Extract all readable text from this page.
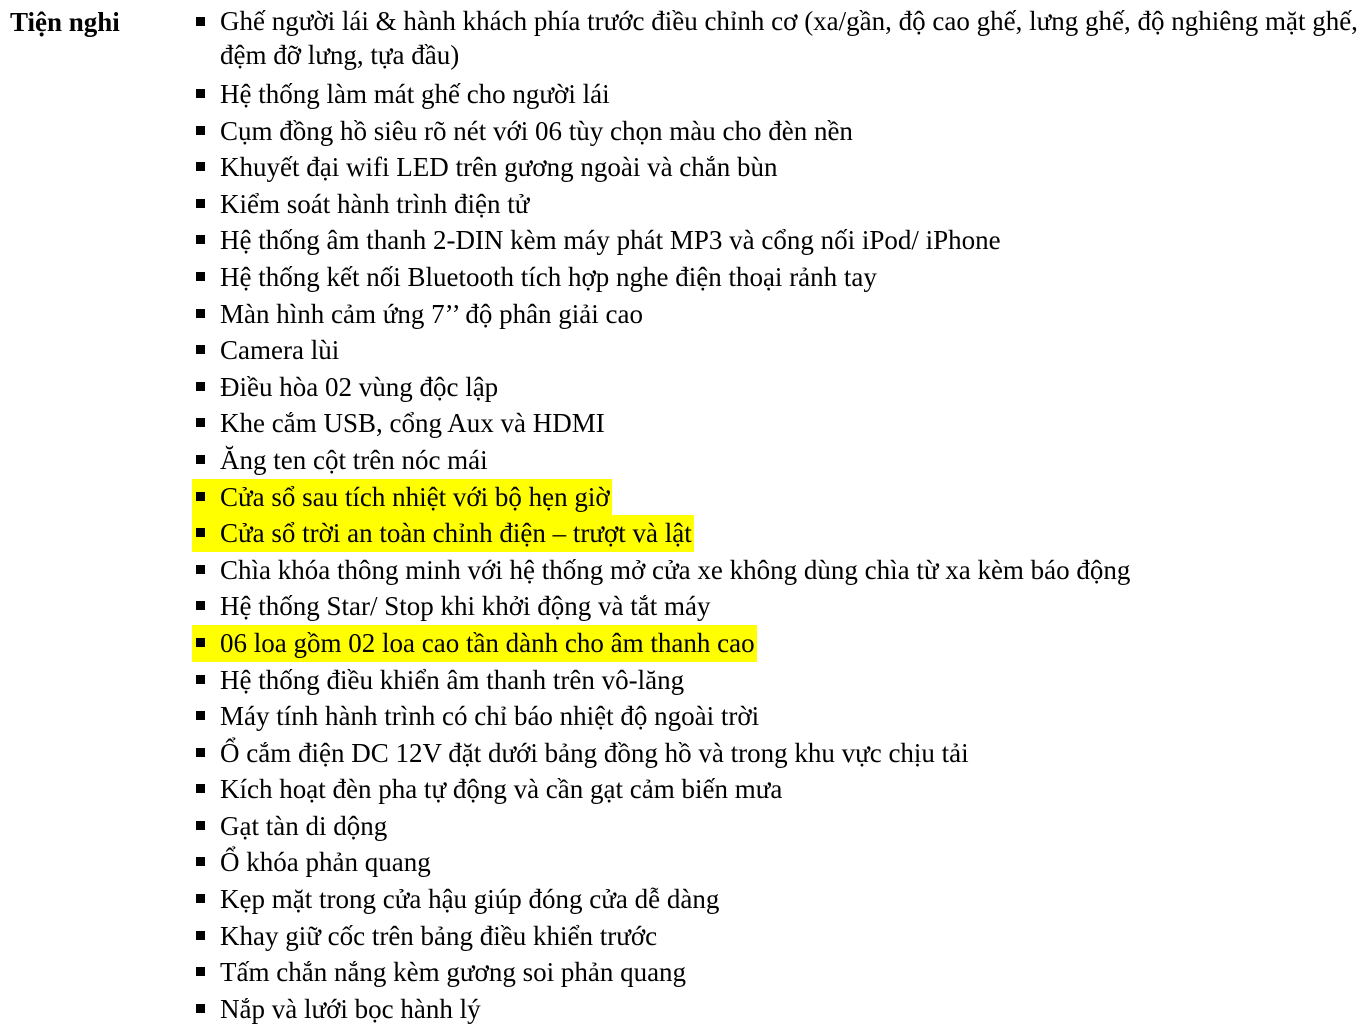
Tiện nghi	Ghế người lái & hành khách phía trước điều chỉnh cơ (xa/gần, độ cao ghế, lưng ghế, độ nghiêng mặt ghế, đệm đỡ lưng, tựa đầu)
Hệ thống làm mát ghế cho người lái
Cụm đồng hồ siêu rõ nét với 06 tùy chọn màu cho đèn nền
Khuyết đại wifi LED trên gương ngoài và chắn bùn
Kiểm soát hành trình điện tử
Hệ thống âm thanh 2-DIN kèm máy phát MP3 và cổng nối iPod/ iPhone
Hệ thống kết nối Bluetooth tích hợp nghe điện thoại rảnh tay
Màn hình cảm ứng 7’’ độ phân giải cao
Camera lùi
Điều hòa 02 vùng độc lập
Khe cắm USB, cổng Aux và HDMI
Ăng ten cột trên nóc mái
Cửa sổ sau tích nhiệt với bộ hẹn giờ
Cửa sổ trời an toàn chỉnh điện – trượt và lật
Chìa khóa thông minh với hệ thống mở cửa xe không dùng chìa từ xa kèm báo động
Hệ thống Star/ Stop khi khởi động và tắt máy
06 loa gồm 02 loa cao tần dành cho âm thanh cao
Hệ thống điều khiển âm thanh trên vô-lăng
Máy tính hành trình có chỉ báo nhiệt độ ngoài trời
Ổ cắm điện DC 12V đặt dưới bảng đồng hồ và trong khu vực chịu tải
Kích hoạt đèn pha tự động và cần gạt cảm biến mưa
Gạt tàn di dộng
Ổ khóa phản quang
Kẹp mặt trong cửa hậu giúp đóng cửa dễ dàng
Khay giữ cốc trên bảng điều khiển trước
Tấm chắn nắng kèm gương soi phản quang
Nắp và lưới bọc hành lý
